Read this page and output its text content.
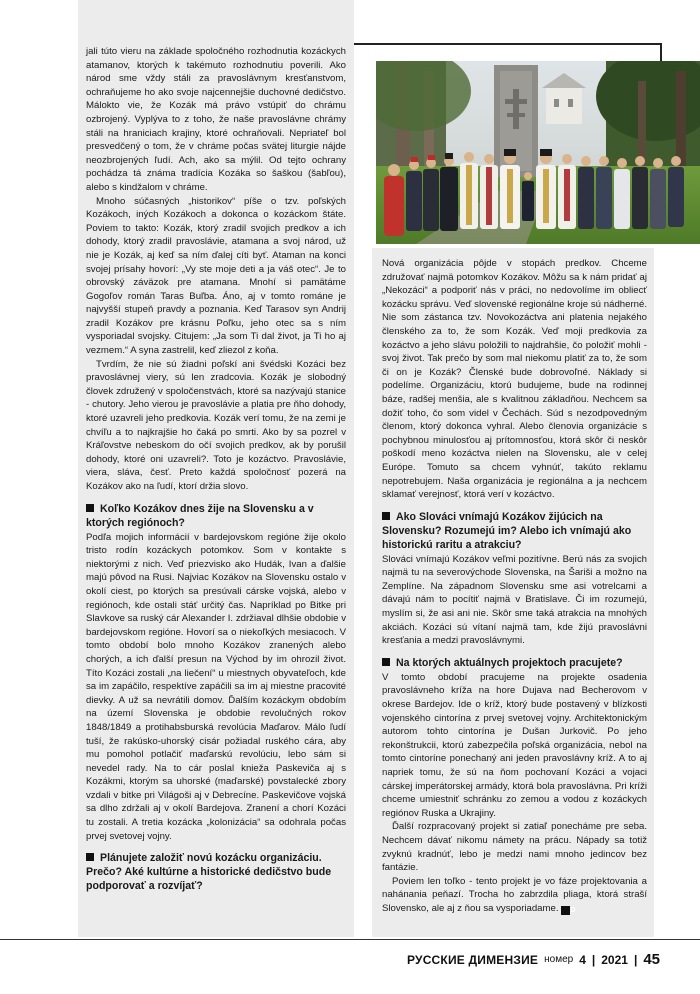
jali túto vieru na základe spoločného rozhodnutia kozáckych atamanov, ktorých k takémuto rozhodnutiu poverili. Ako národ sme vždy stáli za pravoslávnym kresťanstvom, ochraňujeme ho ako svoje najcennejšie duchovné dedičstvo. Málokto vie, že Kozák má právo vstúpiť do chrámu ozbrojený. Vyplýva to z toho, že naše pravoslávne chrámy stáli na hraniciach krajiny, ktoré ochraňovali. Nepriateľ bol presvedčený o tom, že v chráme počas svätej liturgie nájde neozbrojených ľudí. Ach, ako sa mýlil. Od tejto ochrany pochádza tá známa tradícia Kozáka so šaškou (šabľou), alebo s kindžalom v chráme.

Mnoho súčasných „historikov“ píše o tzv. poľských Kozákoch, iných Kozákoch a dokonca o kozáckom štáte. Poviem to takto: Kozák, ktorý zradil svojich predkov a ich dohody, ktorý zradil pravoslávie, atamana a svoj národ, už nie je Kozák, aj keď sa ním ďalej cíti byť. Ataman na konci svojej prísahy hovorí: „Vy ste moje deti a ja váš otec“. Je to obrovský záväzok pre atamana. Mnohí si pamätáme Gogoľov román Taras Buľba. Áno, aj v tomto románe je najvyšší stupeň pravdy a poznania. Keď Tarasov syn Andrij zradil Kozákov pre krásnu Poľku, jeho otec sa s ním vysporiadal svojsky. Citujem: „Ja som Ti dal život, ja Ti ho aj vezmem.“ A syna zastrelil, keď zliezol z koňa.

Tvrdím, že nie sú žiadni poľskí ani švédski Kozáci bez pravoslávnej viery, sú len zradcovia. Kozák je slobodný človek združený v spoločenstvách, ktoré sa nazývajú stanice - chutory. Jeho vierou je pravoslávie a platia pre ňho dohody, ktoré uzavreli jeho predkovia. Kozák verí tomu, že na zemi je chvíľu a to najkrajšie ho čaká po smrti. Ako by sa pozrel v Kráľovstve nebeskom do očí svojich predkov, ak by porušil dohody, ktoré oni uzavreli?. Toto je kozáctvo. Pravoslávie, viera, sláva, česť. Preto každá spoločnosť pozerá na Kozákov ako na ľudí, ktorí držia slovo.

Koľko Kozákov dnes žije na Slovensku a v ktorých regiónoch?

Podľa mojich informácií v bardejovskom regióne žije okolo tristo rodín kozáckych potomkov. Som v kontakte s niektorými z nich. Veď priezvisko ako Hudák, Ivan a ďalšie majú pôvod na Rusi. Najviac Kozákov na Slovensku ostalo v okolí ciest, po ktorých sa presúvali cárske vojská, alebo v regiónoch, kde ostali stáť určitý čas. Napríklad po Bitke pri Slavkove sa ruský cár Alexander I. zdržiaval dlhšie obdobie v bardejovskom regióne. Hovorí sa o niekoľkých mesiacoch. V tomto období bolo mnoho Kozákov zranených alebo chorých, a ich ďalší presun na Východ by im ohrozil život. Títo Kozáci zostali „na liečení“ u miestnych obyvateľoch, kde sa im zapáčilo, respektíve zapáčili sa im aj miestne pracovité dievky. A už sa nevrátili domov. Ďalším kozáckym obdobím na území Slovenska je obdobie revolučných rokov 1848/1849 a protihabsburská revolúcia Maďarov. Málo ľudí tuší, že rakúsko-uhorský cisár požiadal ruského cára, aby mu pomohol potlačiť maďarskú revolúciu, lebo sám si nevedel rady. Na to cár poslal knieža Paskeviča aj s Kozákmi, ktorým sa uhorské (maďarské) povstalecké zbory vzdali v bitke pri Világoši aj v Debrecíne. Paskevičove vojská sa dlho zdržali aj v okolí Bardejova. Zranení a chorí Kozáci tu zostali. A tretia kozácka „kolonizácia“ sa odohrala počas prvej svetovej vojny.

Plánujete založiť novú kozácku organizáciu. Prečo? Aké kultúrne a historické dedičstvo bude podporovať a rozvíjať?

Nová organizácia pôjde v stopách predkov. Chceme združovať najmä potomkov Kozákov. Môžu sa k nám pridať aj „Nekozáci“ a podporiť nás v práci, no nedovolíme im obliecť kozácku správu. Veď slovenské regionálne kroje sú nádherné. Nie som zástanca tzv. Novokozáctva ani platenia nejakého členského za to, že som Kozák. Veď moji predkovia za kozáctvo a jeho slávu položili to najdrahšie, čo položiť mohli - svoj život. Tak prečo by som mal niekomu platiť za to, že som či on je Kozák? Členské bude dobrovoľné. Náklady si podelíme. Organizáciu, ktorú budujeme, bude na rodinnej báze, radšej menšia, ale s kvalitnou základňou. Nechcem sa dožiť toho, čo som videl v Čechách. Súd s nezodpovedným členom, ktorý dokonca vyhral. Alebo členovia organizácie s pochybnou minulosťou aj prítomnosťou, ktorá skôr či neskôr poškodí meno kozáctva nielen na Slovensku, ale v celej Európe. Tomuto sa chcem vyhnúť, takúto reklamu nepotrebujem. Naša organizácia je regionálna a ja nechcem sklamať verejnosť, ktorá verí v kozáctvo.

Ako Slováci vnímajú Kozákov žijúcich na Slovensku? Rozumejú im? Alebo ich vnímajú ako historickú raritu a atrakciu?

Slováci vnímajú Kozákov veľmi pozitívne. Berú nás za svojich najmä tu na severovýchode Slovenska, na Šariši a možno na Zemplíne. Na západnom Slovensku sme asi votrelcami a dávajú nám to pocítiť najmä v Bratislave. Či im rozumejú, myslím si, že asi ani nie. Skôr sme taká atrakcia na mnohých akciách. Kozáci sú vítaní najmä tam, kde žijú pravoslávni kresťania a medzi pravoslávnymi.

Na ktorých aktuálnych projektoch pracujete?

V tomto období pracujeme na projekte osadenia pravoslávneho kríža na hore Dujava nad Becherovom v okrese Bardejov. Ide o kríž, ktorý bude postavený v blízkosti vojenského cintorína z prvej svetovej vojny. Architektonickým autorom tohto cintorína je Dušan Jurkovič. Po jeho rekonštrukcii, ktorú zabezpečila poľská organizácia, nebol na tomto cintoríne ponechaný ani jeden pravoslávny kríž. A to aj napriek tomu, že sú na ňom pochovaní Kozáci a vojaci cárskej imperátorskej armády, ktorá bola pravoslávna. Pri kríži chceme umiestniť schránku zo zemou a vodou z kozáckych regiónov Ruska a Ukrajiny.

Ďalší rozpracovaný projekt si zatiaľ ponecháme pre seba. Nechcem dávať nikomu námety na prácu. Nápady sa totiž zvyknú kradnúť, lebo je medzi nami mnoho jedincov bez fantázie.

Poviem len toľko - tento projekt je vo fáze projektovania a nahánania peňazí. Trocha ho zabrzdila pliaga, ktorá straší Slovensko, ale aj z ňou sa vysporiadame. D

РУССКИЕ ДИМЕНЗИЕ номер 4 | 2021 | 45
